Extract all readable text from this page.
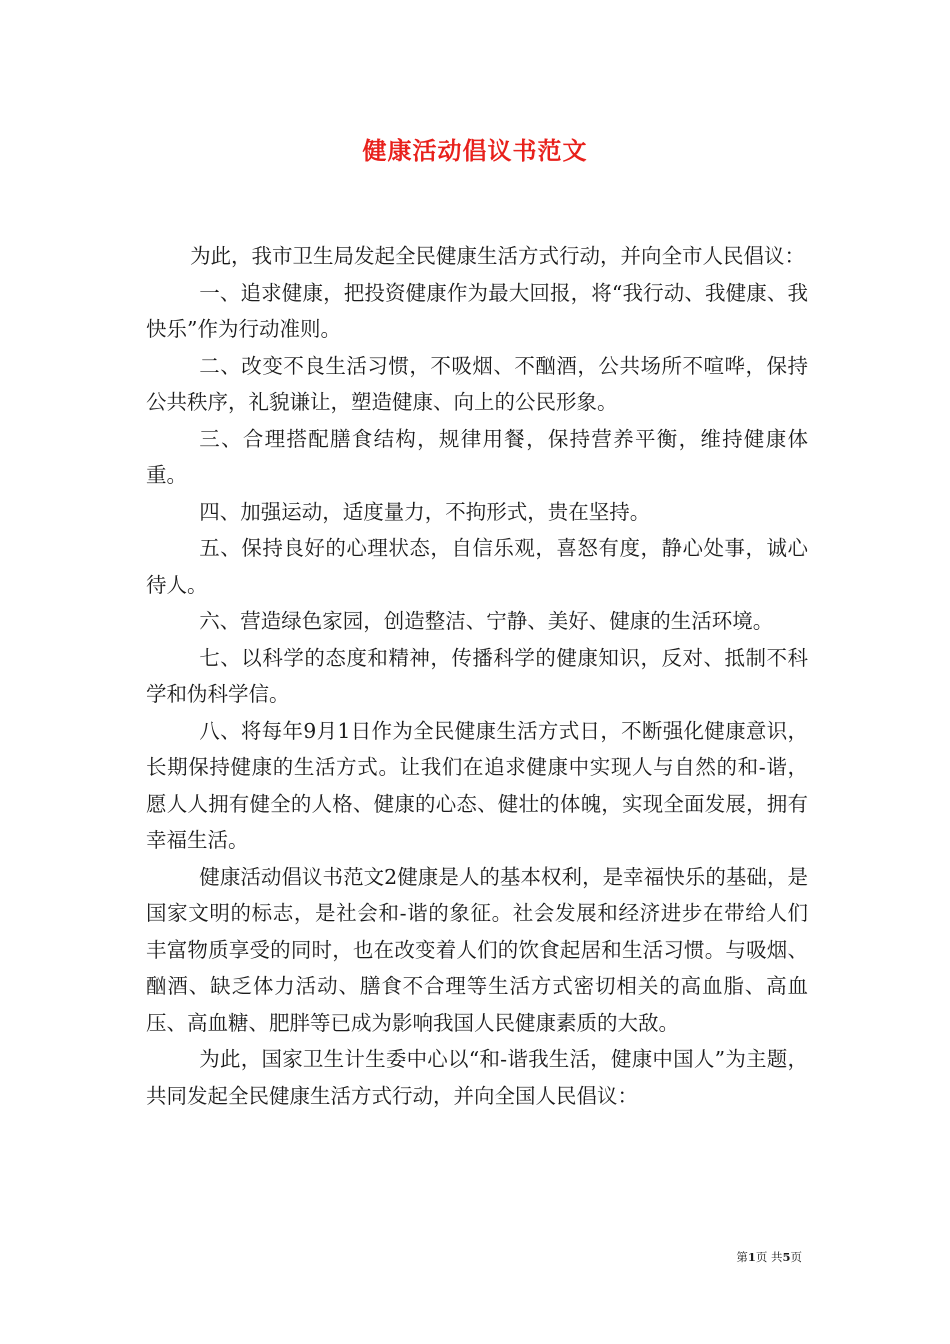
健康活动倡议书范文

为此，我市卫生局发起全民健康生活方式行动，并向全市人民倡议：

一、追求健康，把投资健康作为最大回报，将“我行动、我健康、我快乐”作为行动准则。

二、改变不良生活习惯，不吸烟、不酗酒，公共场所不喧哗，保持公共秩序，礼貌谦让，塑造健康、向上的公民形象。

三、合理搭配膳食结构，规律用餐，保持营养平衡，维持健康体重。

四、加强运动，适度量力，不拘形式，贵在坚持。

五、保持良好的心理状态，自信乐观，喜怒有度，静心处事，诚心待人。

六、营造绿色家园，创造整洁、宁静、美好、健康的生活环境。

七、以科学的态度和精神，传播科学的健康知识，反对、抵制不科学和伪科学信。

八、将每年9月1日作为全民健康生活方式日，不断强化健康意识，长期保持健康的生活方式。让我们在追求健康中实现人与自然的和-谐，愿人人拥有健全的人格、健康的心态、健壮的体魄，实现全面发展，拥有幸福生活。

健康活动倡议书范文2健康是人的基本权利，是幸福快乐的基础，是国家文明的标志，是社会和-谐的象征。社会发展和经济进步在带给人们丰富物质享受的同时，也在改变着人们的饮食起居和生活习惯。与吸烟、酗酒、缺乏体力活动、膳食不合理等生活方式密切相关的高血脂、高血压、高血糖、肥胖等已成为影响我国人民健康素质的大敌。

为此，国家卫生计生委中心以“和-谐我生活，健康中国人”为主题，共同发起全民健康生活方式行动，并向全国人民倡议：

第1页 共5页
